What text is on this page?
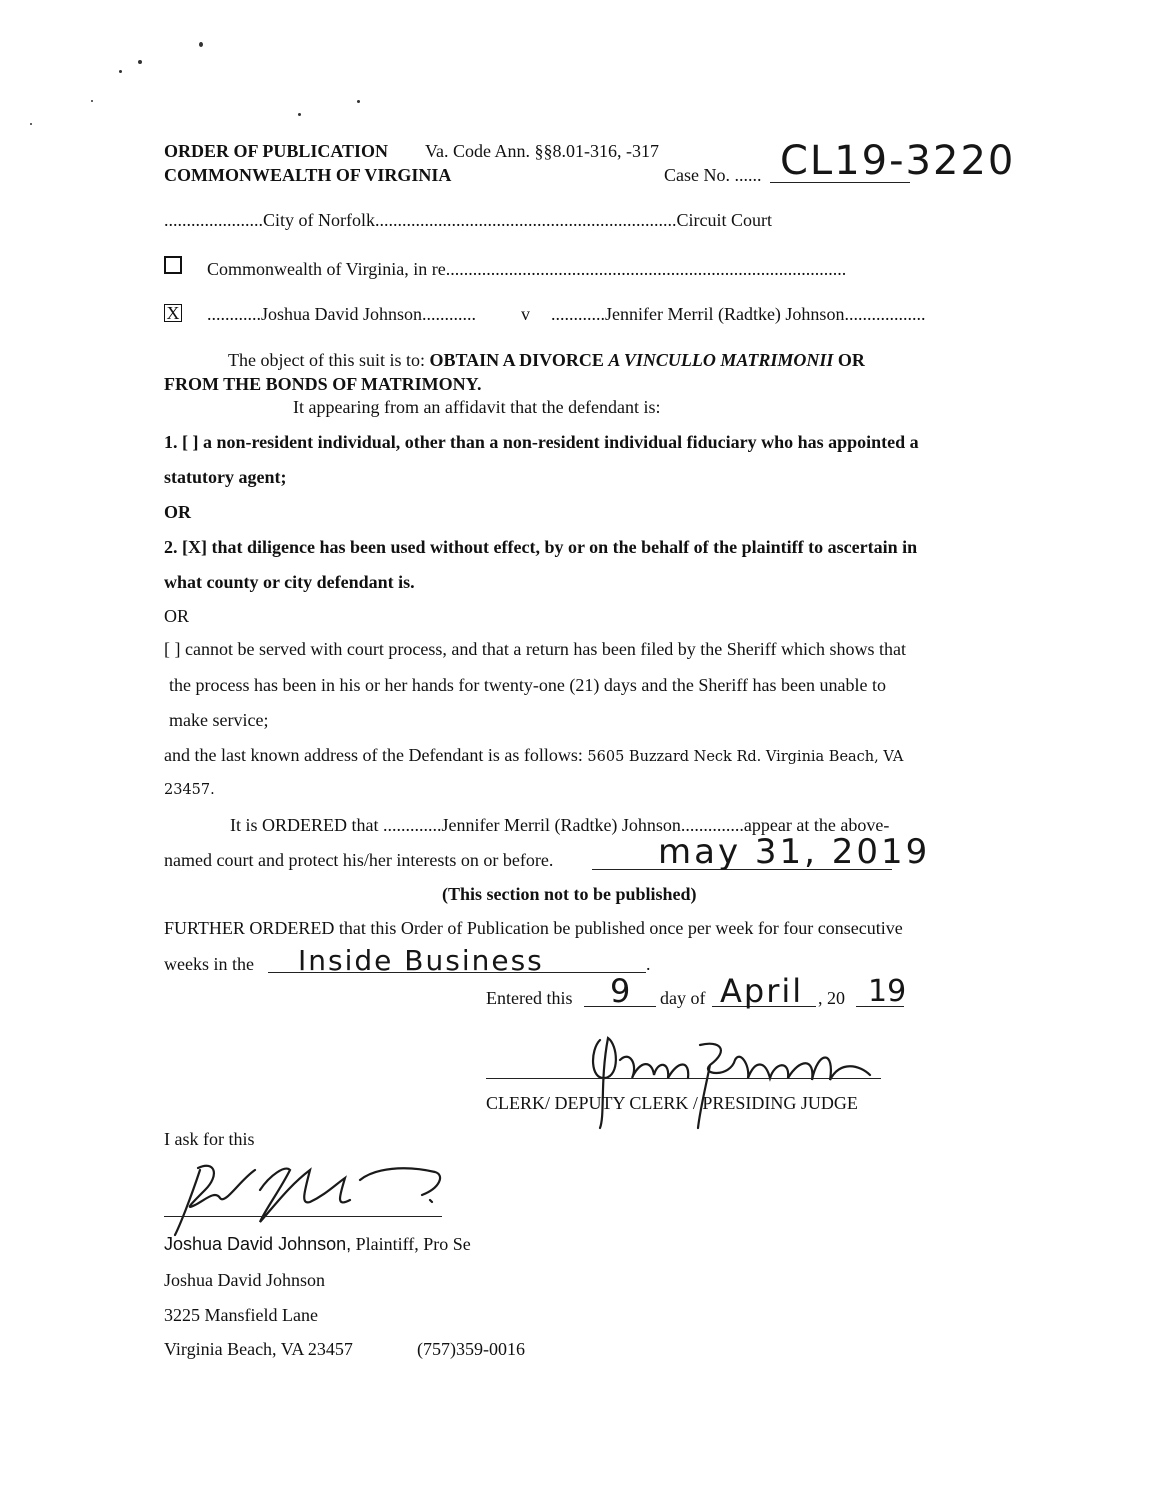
ORDER OF PUBLICATION Va. Code Ann. §§8.01-316, -317
COMMONWEALTH OF VIRGINIA	Case No. ...... CL19-3220
......................City of Norfolk...................................................................Circuit Court
Commonwealth of Virginia, in re.........................................................................................
X ............Joshua David Johnson............	v ............Jennifer Merril (Radtke) Johnson..................
The object of this suit is to: OBTAIN A DIVORCE A VINCULLO MATRIMONII OR
FROM THE BONDS OF MATRIMONY.
It appearing from an affidavit that the defendant is:
1. [ ] a non-resident individual, other than a non-resident individual fiduciary who has appointed a
statutory agent;
OR
2. [X] that diligence has been used without effect, by or on the behalf of the plaintiff to ascertain in
what county or city defendant is.
OR
[ ] cannot be served with court process, and that a return has been filed by the Sheriff which shows that
the process has been in his or her hands for twenty-one (21) days and the Sheriff has been unable to
make service;
and the last known address of the Defendant is as follows: 5605 Buzzard Neck Rd. Virginia Beach, VA
23457.
It is ORDERED that .............Jennifer Merril (Radtke) Johnson..............appear at the above-
named court and protect his/her interests on or before.	may 31, 2019
(This section not to be published)
FURTHER ORDERED that this Order of Publication be published once per week for four consecutive
weeks in the Inside Business	.
Entered this 9 day of April , 20 19
CLERK/ DEPUTY CLERK / PRESIDING JUDGE
I ask for this
Joshua David Johnson, Plaintiff, Pro Se
Joshua David Johnson
3225 Mansfield Lane
Virginia Beach, VA 23457	(757)359-0016
